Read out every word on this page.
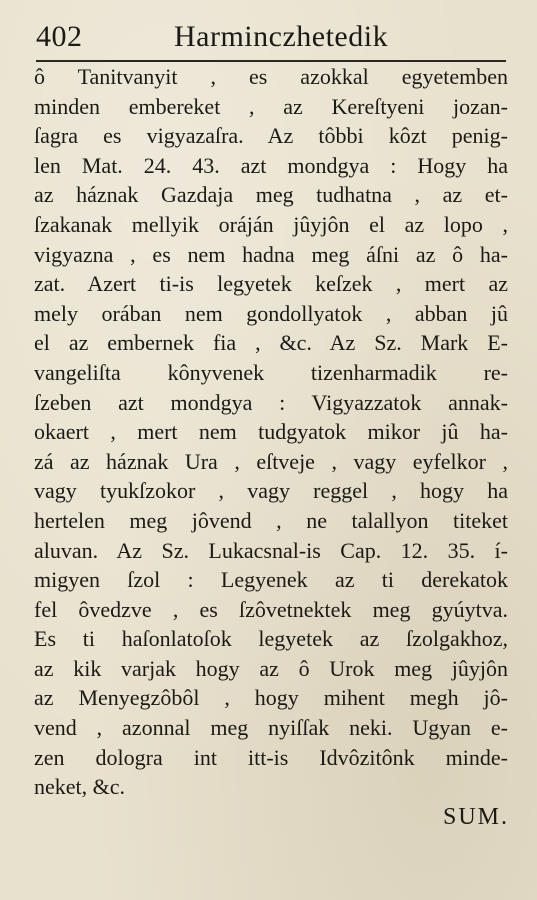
402	Harminczhetedik
ô Tanitvanyit , es azokkal egyetemben
minden embereket , az Kereſtyeni jozan-
ſagra es vigyazaſra. Az tôbbi kôzt penig-
len Mat. 24. 43. azt mondgya : Hogy ha
az háznak Gazdaja meg tudhatna , az et-
ſzakanak mellyik oráján jûyjôn el az lopo ,
vigyazna , es nem hadna meg áſni az ô ha-
zat. Azert ti-is legyetek keſzek , mert az
mely orában nem gondollyatok , abban jû
el az embernek fia , &c. Az Sz. Mark E-
vangeliſta kônyvenek tizenharmadik re-
ſzeben azt mondgya : Vigyazzatok annak-
okaert , mert nem tudgyatok mikor jû ha-
zá az háznak Ura , eſtveje , vagy eyfelkor ,
vagy tyukſzokor , vagy reggel , hogy ha
hertelen meg jôvend , ne talallyon titeket
aluvan. Az Sz. Lukacsnal-is Cap. 12. 35. í-
migyen ſzol : Legyenek az ti derekatok
fel ôvedzve , es ſzôvetnektek meg gyúytva.
Es ti haſonlatoſok legyetek az ſzolgakhoz,
az kik varjak hogy az ô Urok meg jûyjôn
az Menyegzôbôl , hogy mihent megh jô-
vend , azonnal meg nyiſſak neki. Ugyan e-
zen dologra int itt-is Idvôzitônk minde-
neket, &c.
SUM.
